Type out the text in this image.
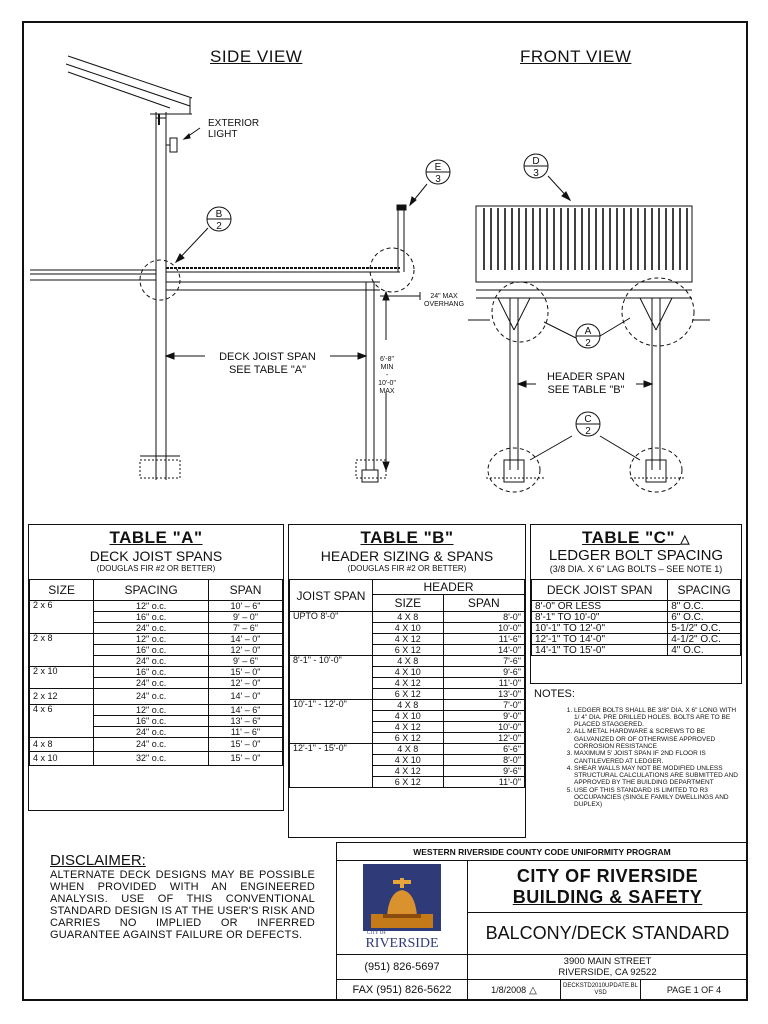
SIDE VIEW	FRONT VIEW
B
2
E
3
D
3
A
2
C
2
EXTERIOR
LIGHT
24" MAX
OVERHANG
DECK JOIST SPAN
SEE TABLE "A"
6'-8" MIN
-
10'-0" MAX
HEADER SPAN
SEE TABLE "B"
TABLE "A"
DECK JOIST SPANS
(DOUGLAS FIR #2 OR BETTER)
SIZE	SPACING	SPAN
2 x 6	12" o.c.	10' – 6"
	16" o.c.	9' – 0"
	24" o.c.	7' – 6"
2 x 8	12" o.c.	14' – 0"
	16" o.c.	12' – 0"
	24" o.c.	9' – 6"
2 x 10	16" o.c.	15' – 0"
	24" o.c.	12' – 0"
2 x 12	24" o.c.	14' – 0"
4 x 6	12" o.c.	14' – 6"
	16" o.c.	13' – 6"
	24" o.c.	11' – 6"
4 x 8	24" o.c.	15' – 0"
4 x 10	32" o.c.	15' – 0"
TABLE "B"
HEADER SIZING & SPANS
(DOUGLAS FIR #2 OR BETTER)
JOIST SPAN	HEADER	
	SIZE	SPAN
UPTO 8'-0"	4 X 8	8'-0"
	4 X 10	10'-0"
	4 X 12	11'-6"
	6 X 12	14'-0"
8'-1" - 10'-0"	4 X 8	7'-6"
	4 X 10	9'-6"
	4 X 12	11'-0"
	6 X 12	13'-0"
10'-1" - 12'-0"	4 X 8	7'-0"
	4 X 10	9'-0"
	4 X 12	10'-0"
	6 X 12	12'-0"
12'-1" - 15'-0"	4 X 8	6'-6"
	4 X 10	8'-0"
	4 X 12	9'-6"
	6 X 12	11'-0"
TABLE "C" △
LEDGER BOLT SPACING
(3/8 DIA. X 6" LAG BOLTS – SEE NOTE 1)
DECK JOIST SPAN	SPACING
8'-0" OR LESS	8" O.C.
8'-1" TO 10'-0"	6" O.C.
10'-1" TO 12'-0"	5-1/2" O.C.
12'-1" TO 14'-0"	4-1/2" O.C.
14'-1" TO 15'-0"	4" O.C.
NOTES:
1. LEDGER BOLTS SHALL BE 3/8" DIA. X 6" LONG WITH 1/ 4" DIA. PRE DRILLED HOLES. BOLTS ARE TO BE PLACED STAGGERED.
2. ALL METAL HARDWARE & SCREWS TO BE GALVANIZED OR OF OTHERWISE APPROVED CORROSION RESISTANCE
3. MAXIMUM 5' JOIST SPAN IF 2ND FLOOR IS CANTILEVERED AT LEDGER.
4. SHEAR WALLS MAY NOT BE MODIFIED UNLESS STRUCTURAL CALCULATIONS ARE SUBMITTED AND APPROVED BY THE BUILDING DEPARTMENT
5. USE OF THIS STANDARD IS LIMITED TO R3 OCCUPANCIES (SINGLE FAMILY DWELLINGS AND DUPLEX)
DISCLAIMER:
ALTERNATE DECK DESIGNS MAY BE POSSIBLE WHEN PROVIDED WITH AN ENGINEERED ANALYSIS. USE OF THIS CONVENTIONAL STANDARD DESIGN IS AT THE USER'S RISK AND CARRIES NO IMPLIED OR INFERRED GUARANTEE AGAINST FAILURE OR DEFECTS.
WESTERN RIVERSIDE COUNTY CODE UNIFORMITY PROGRAM
CITY OF
RIVERSIDE
CITY OF RIVERSIDE
BUILDING & SAFETY
BALCONY/DECK STANDARD
(951) 826-5697	3900 MAIN STREET
RIVERSIDE, CA 92522
FAX (951) 826-5622	1/8/2008 △	DECKSTD2010UPDATE.BLVSD	PAGE 1 OF 4
